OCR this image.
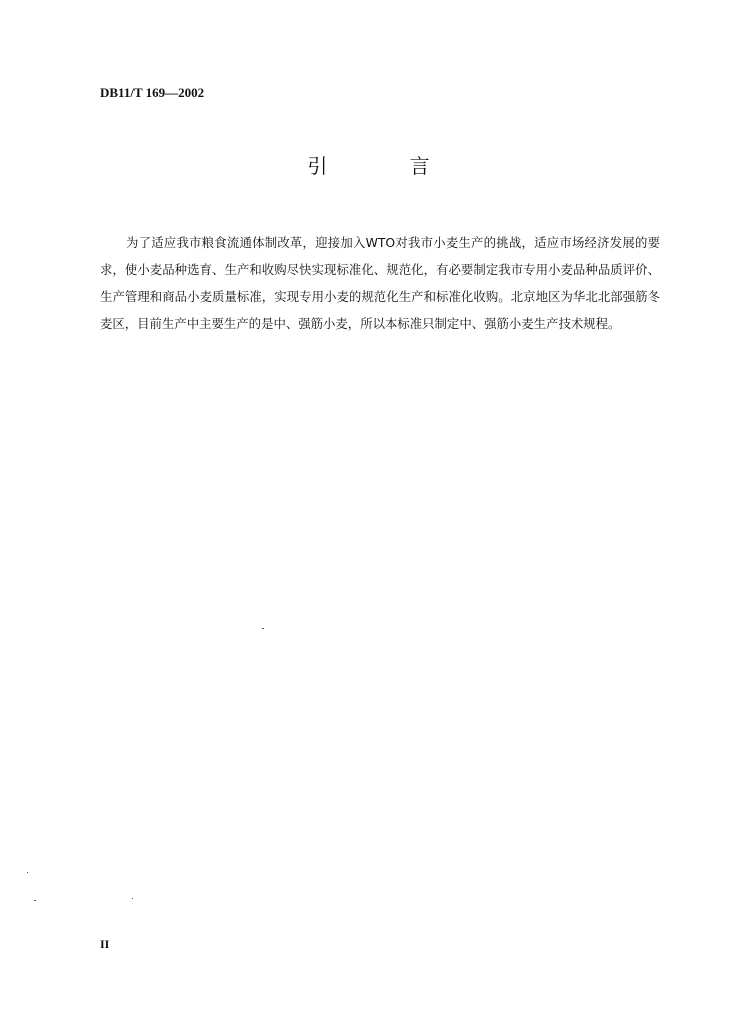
DB11/T 169—2002
引 言

为了适应我市粮食流通体制改革，迎接加入WTO对我市小麦生产的挑战，适应市场经济发展的要求，使小麦品种选育、生产和收购尽快实现标准化、规范化，有必要制定我市专用小麦品种品质评价、生产管理和商品小麦质量标准，实现专用小麦的规范化生产和标准化收购。北京地区为华北北部强筋冬麦区，目前生产中主要生产的是中、强筋小麦，所以本标准只制定中、强筋小麦生产技术规程。

II
